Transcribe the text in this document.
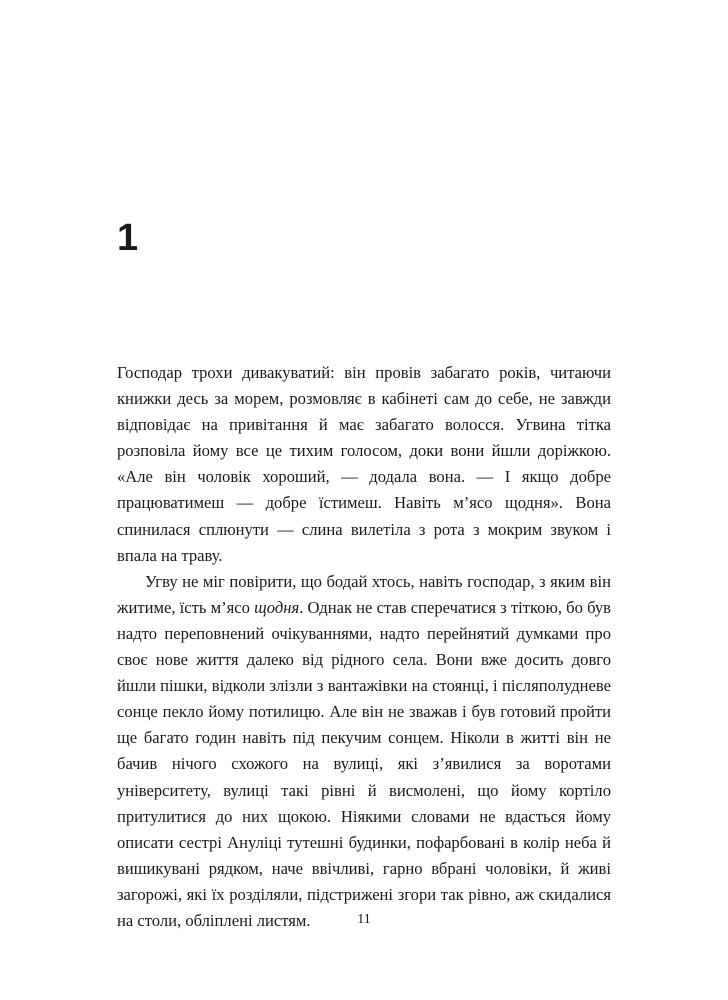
1

Господар трохи дивакуватий: він провів забагато років, читаючи книжки десь за морем, розмовляє в кабінеті сам до себе, не завжди відповідає на привітання й має забагато волосся. Угвина тітка розповіла йому все це тихим голосом, доки вони йшли доріжкою. «Але він чоловік хороший, — додала вона. — І якщо добре працюватимеш — добре їстимеш. Навіть м’ясо щодня». Вона спинилася сплюнути — слина вилетіла з рота з мокрим звуком і впала на траву.

Угву не міг повірити, що бодай хтось, навіть господар, з яким він житиме, їсть м’ясо щодня. Однак не став сперечатися з тіткою, бо був надто переповнений очікуваннями, надто перейнятий думками про своє нове життя далеко від рідного села. Вони вже досить довго йшли пішки, відколи злізли з вантажівки на стоянці, і післяполудневе сонце пекло йому потилицю. Але він не зважав і був готовий пройти ще багато годин навіть під пекучим сонцем. Ніколи в житті він не бачив нічого схожого на вулиці, які з’явилися за воротами університету, вулиці такі рівні й висмолені, що йому кортіло притулитися до них щокою. Ніякими словами не вдасться йому описати сестрі Ануліці тутешні будинки, пофарбовані в колір неба й вишикувані рядком, наче ввічливі, гарно вбрані чоловіки, й живі загорожі, які їх розділяли, підстрижені згори так рівно, аж скидалися на столи, обліплені листям.	11
